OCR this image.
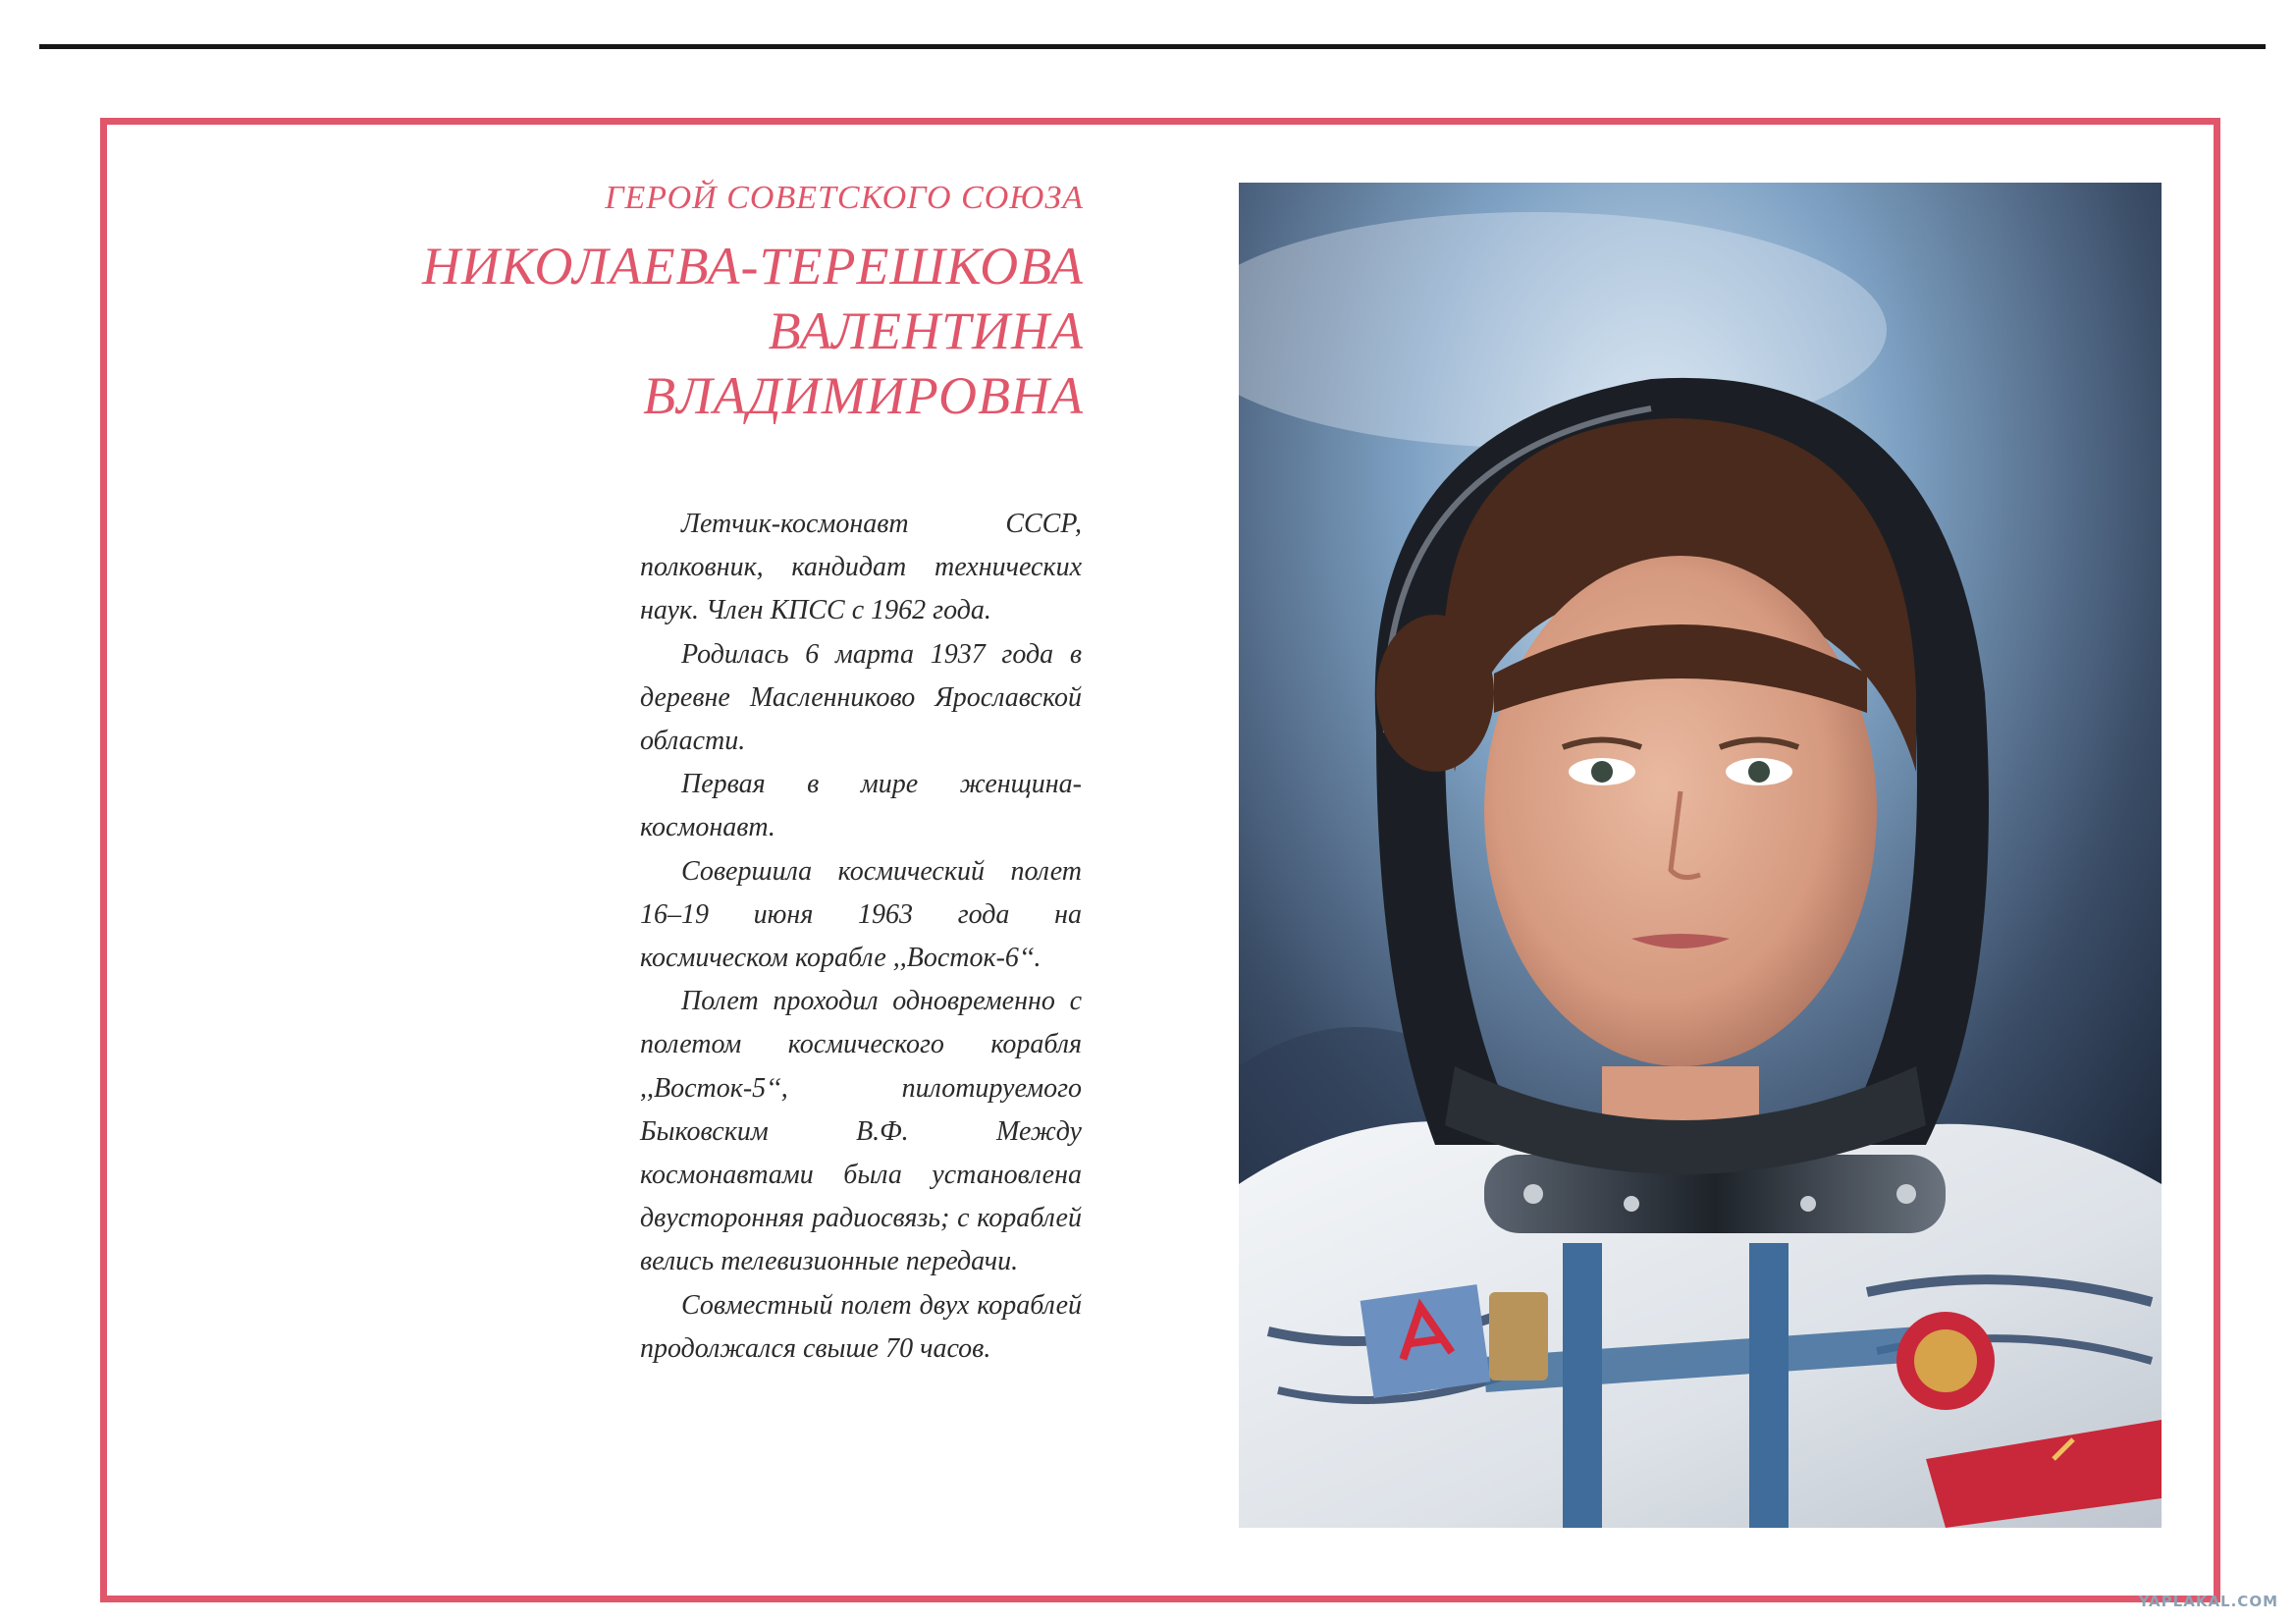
ГЕРОЙ СОВЕТСКОГО СОЮЗА
НИКОЛАЕВА-ТЕРЕШКОВА
ВАЛЕНТИНА
ВЛАДИМИРОВНА

Летчик-космонавт СССР, полковник, кандидат технических наук. Член КПСС с 1962 года.

Родилась 6 марта 1937 года в деревне Масленниково Ярославской области.

Первая в мире женщина-космонавт.

Совершила космический полет 16–19 июня 1963 года на космическом корабле ,,Восток-6‘‘.

Полет проходил одновременно с полетом космического корабля ,,Восток-5‘‘, пилотируемого Быковским В.Ф. Между космонавтами была установлена двусторонняя радиосвязь; с кораблей велись телевизионные передачи.

Совместный полет двух кораблей продолжался свыше 70 часов.

YAPLAKAL.COM
